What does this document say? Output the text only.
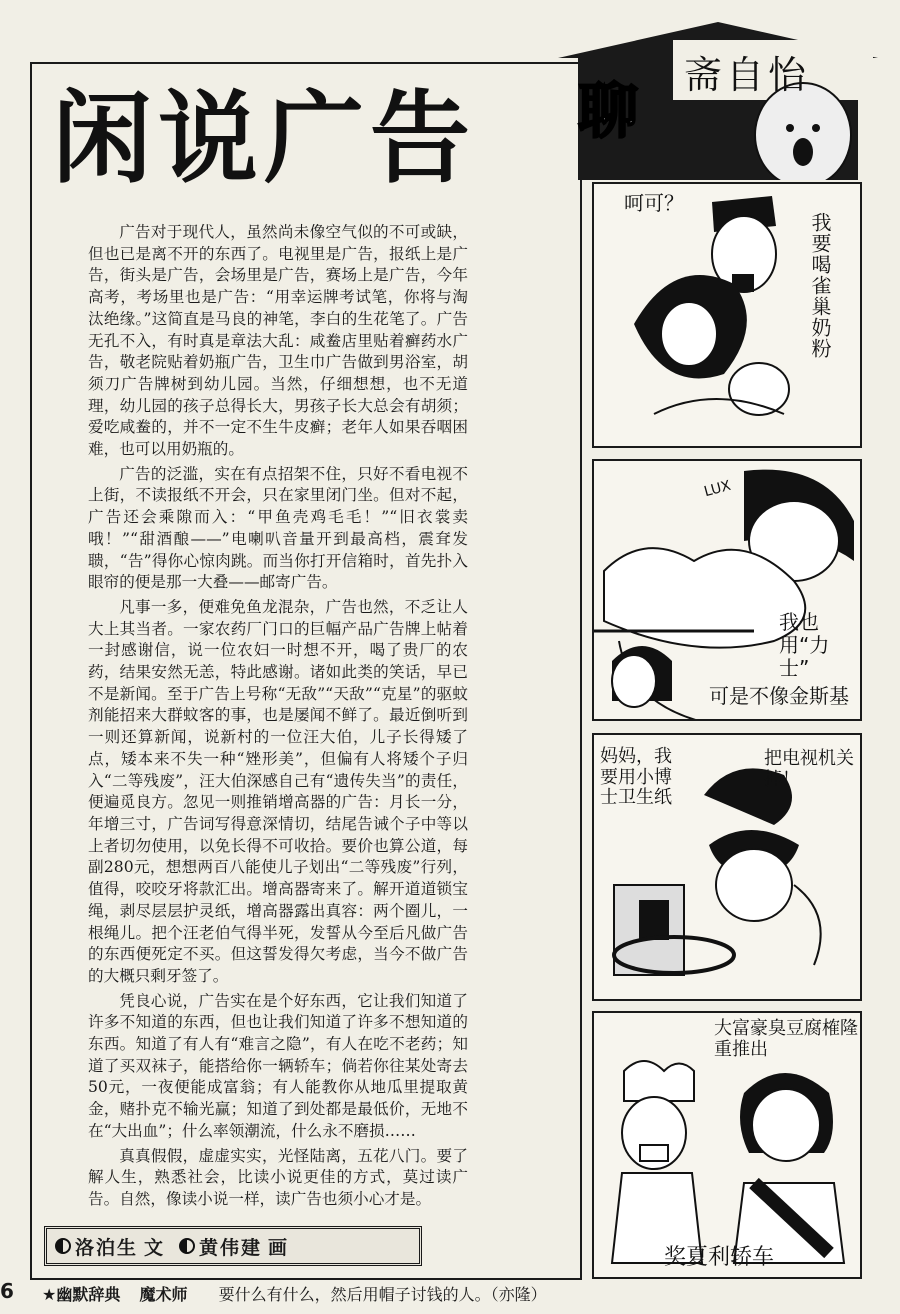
闲说广告

广告对于现代人，虽然尚未像空气似的不可或缺，但也已是离不开的东西了。电视里是广告，报纸上是广告，街头是广告，会场里是广告，赛场上是广告，今年高考，考场里也是广告：“用幸运牌考试笔，你将与淘汰绝缘。”这简直是马良的神笔，李白的生花笔了。广告无孔不入，有时真是章法大乱：咸鲞店里贴着癣药水广告，敬老院贴着奶瓶广告，卫生巾广告做到男浴室，胡须刀广告牌树到幼儿园。当然，仔细想想，也不无道理，幼儿园的孩子总得长大，男孩子长大总会有胡须；爱吃咸鲞的，并不一定不生牛皮癣；老年人如果吞咽困难，也可以用奶瓶的。

广告的泛滥，实在有点招架不住，只好不看电视不上街，不读报纸不开会，只在家里闭门坐。但对不起，广告还会乘隙而入：“甲鱼壳鸡毛毛！”“旧衣裳卖哦！”“甜酒酿——”电喇叭音量开到最高档，震耷发聩，“告”得你心惊肉跳。而当你打开信箱时，首先扑入眼帘的便是那一大叠——邮寄广告。

凡事一多，便难免鱼龙混杂，广告也然，不乏让人大上其当者。一家农药厂门口的巨幅产品广告牌上帖着一封感谢信，说一位农妇一时想不开，喝了贵厂的农药，结果安然无恙，特此感谢。诸如此类的笑话，早已不是新闻。至于广告上号称“无敌”“天敌”“克星”的驱蚊剂能招来大群蚊客的事，也是屡闻不鲜了。最近倒听到一则还算新闻，说新村的一位汪大伯，儿子长得矮了点，矮本来不失一种“矬形美”，但偏有人将矮个子归入“二等残废”，汪大伯深感自己有“遗传失当”的责任，便遍觅良方。忽见一则推销增高器的广告：月长一分，年增三寸，广告词写得意深情切，结尾告诫个子中等以上者切勿使用，以免长得不可收拾。要价也算公道，每副280元，想想两百八能使儿子划出“二等残废”行列，值得，咬咬牙将款汇出。增高器寄来了。解开道道锁宝绳，剥尽层层护灵纸，增高器露出真容：两个圈儿，一根绳儿。把个汪老伯气得半死，发誓从今至后凡做广告的东西便死定不买。但这誓发得欠考虑，当今不做广告的大概只剩牙签了。

凭良心说，广告实在是个好东西，它让我们知道了许多不知道的东西，但也让我们知道了许多不想知道的东西。知道了有人有“难言之隐”，有人在吃不老药；知道了买双袜子，能搭给你一辆轿车；倘若你往某处寄去50元，一夜便能成富翁；有人能教你从地瓜里提取黄金，赌扑克不输光赢；知道了到处都是最低价，无地不在“大出血”；什么率领潮流，什么永不磨损……

真真假假，虚虚实实，光怪陆离，五花八门。要了解人生，熟悉社会，比读小说更佳的方式，莫过读广告。自然，像读小说一样，读广告也须小心才是。

洛泊生 文 黄伟建 画
聊
斋自怡
呵可？
我要喝雀巢奶粉
LUX
我也用“力士”
可是不像金斯基
妈妈，我要用小博士卫生纸
把电视机关掉！
大富豪臭豆腐榷隆重推出
奖夏利轿车
6 ★幽默辞典 魔术师 要什么有什么，然后用帽子讨钱的人。（亦隆）
